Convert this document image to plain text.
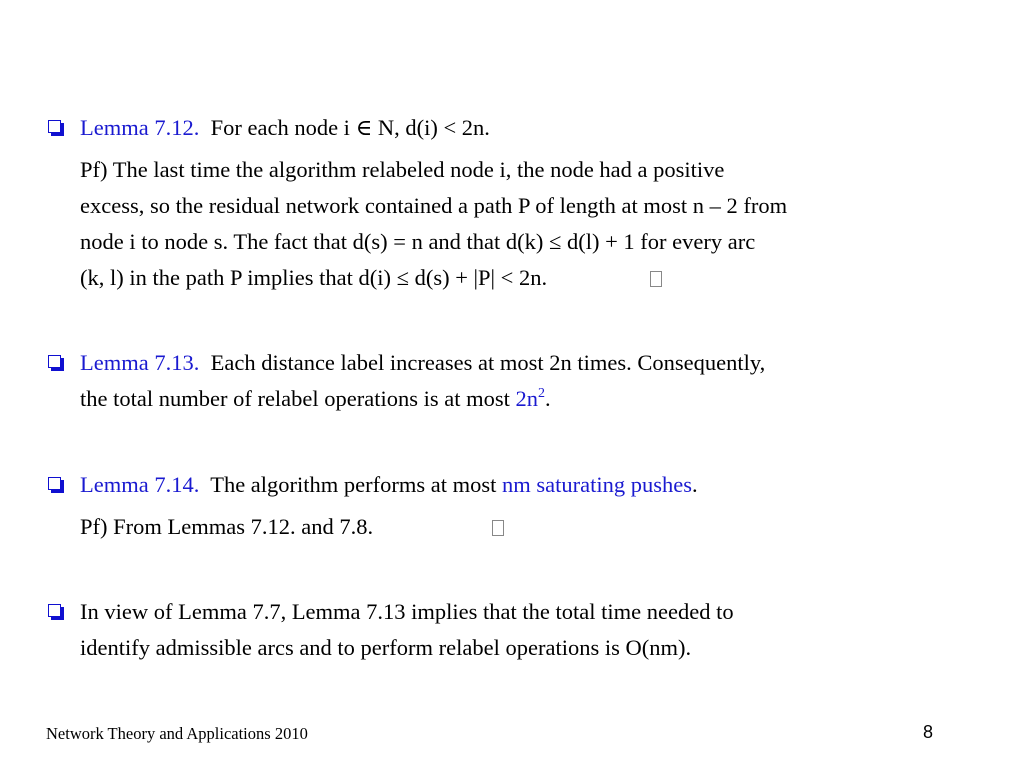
Lemma 7.12. For each node i ∈ N, d(i) < 2n.
Pf) The last time the algorithm relabeled node i, the node had a positive
excess, so the residual network contained a path P of length at most n – 2 from
node i to node s. The fact that d(s) = n and that d(k) ≤ d(l) + 1 for every arc
(k, l) in the path P implies that d(i) ≤ d(s) + |P| < 2n.
Lemma 7.13. Each distance label increases at most 2n times. Consequently,
the total number of relabel operations is at most $2n^2$.
Lemma 7.14. The algorithm performs at most nm saturating pushes.
Pf) From Lemmas 7.12. and 7.8.
In view of Lemma 7.7, Lemma 7.13 implies that the total time needed to
identify admissible arcs and to perform relabel operations is O(nm).
Network Theory and Applications 2010	8
